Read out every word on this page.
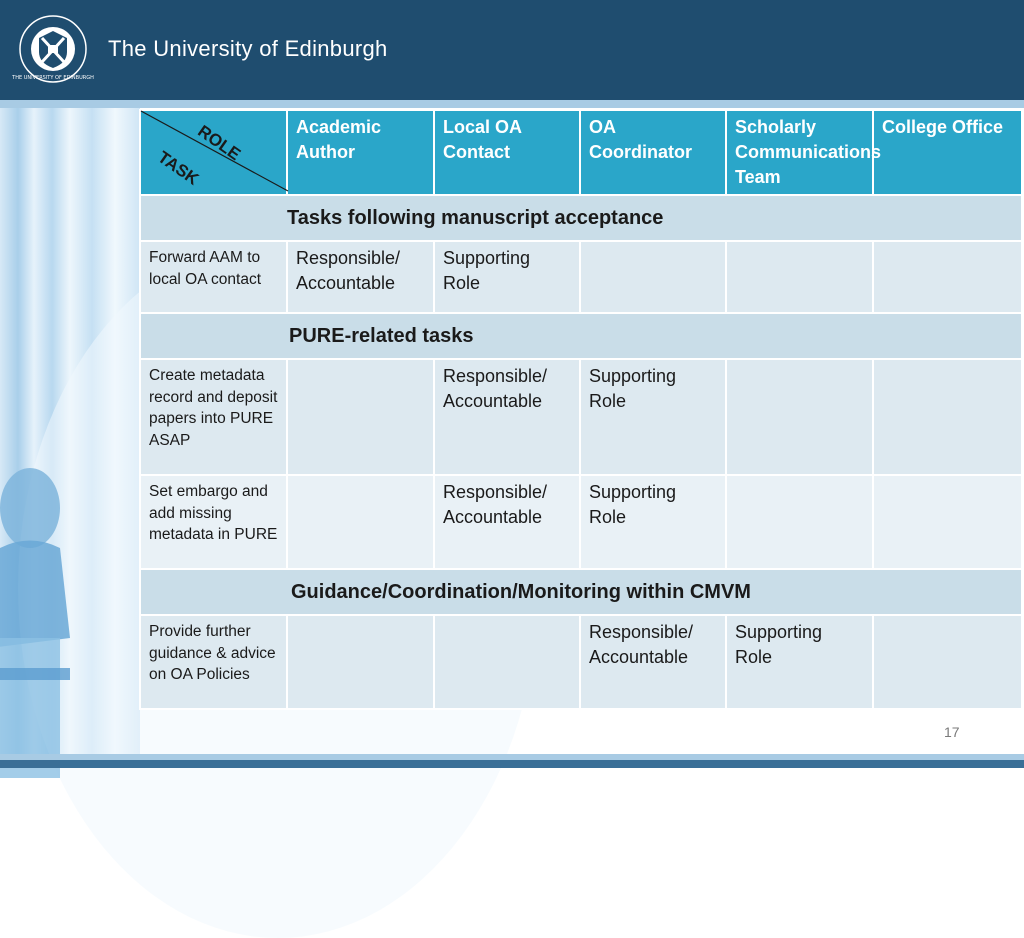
THE UNIVERSITY OF EDINBURGH
The University of Edinburgh
ROLE
TASK	Academic Author	Local OA Contact	OA Coordinator	Scholarly Communications Team	College Office

Tasks following manuscript acceptance					

Forward AAM to local OA contact	Responsible/ Accountable	Supporting Role			

PURE-related tasks					

Create metadata record and deposit papers into PURE ASAP		Responsible/ Accountable	Supporting Role		
Set embargo and add missing metadata in PURE		Responsible/ Accountable	Supporting Role		

Guidance/Coordination/Monitoring within CMVM					

Provide further guidance & advice on OA Policies			Responsible/ Accountable	Supporting Role	
17
